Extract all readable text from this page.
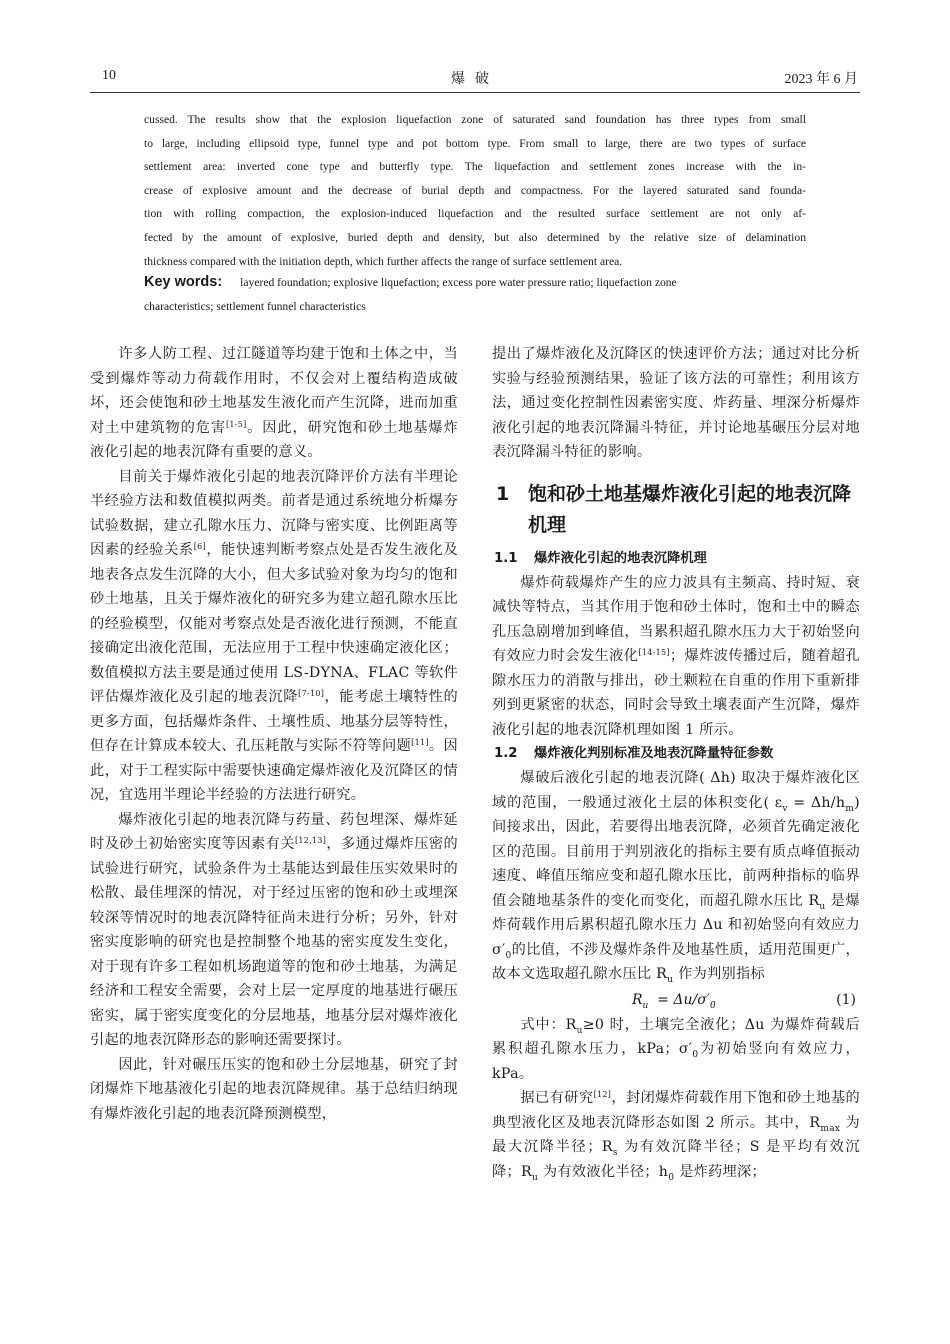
10	爆破	2023 年 6 月
cussed. The results show that the explosion liquefaction zone of saturated sand foundation has three types from small
to large, including ellipsoid type, funnel type and pot bottom type. From small to large, there are two types of surface
settlement area: inverted cone type and butterfly type. The liquefaction and settlement zones increase with the in-
crease of explosive amount and the decrease of burial depth and compactness. For the layered saturated sand founda-
tion with rolling compaction, the explosion-induced liquefaction and the resulted surface settlement are not only af-
fected by the amount of explosive, buried depth and density, but also determined by the relative size of delamination
thickness compared with the initiation depth, which further affects the range of surface settlement area.
Key words: layered foundation; explosive liquefaction; excess pore water pressure ratio; liquefaction zone
characteristics; settlement funnel characteristics

许多人防工程、过江隧道等均建于饱和土体之中，当受到爆炸等动力荷载作用时，不仅会对上覆结构造成破坏，还会使饱和砂土地基发生液化而产生沉降，进而加重对土中建筑物的危害[1-5]。因此，研究饱和砂土地基爆炸液化引起的地表沉降有重要的意义。

目前关于爆炸液化引起的地表沉降评价方法有半理论半经验方法和数值模拟两类。前者是通过系统地分析爆夯试验数据，建立孔隙水压力、沉降与密实度、比例距离等因素的经验关系[6]，能快速判断考察点处是否发生液化及地表各点发生沉降的大小，但大多试验对象为均匀的饱和砂土地基，且关于爆炸液化的研究多为建立超孔隙水压比的经验模型，仅能对考察点处是否液化进行预测，不能直接确定出液化范围，无法应用于工程中快速确定液化区；数值模拟方法主要是通过使用 LS-DYNA、FLAC 等软件评估爆炸液化及引起的地表沉降[7-10]，能考虑土壤特性的更多方面，包括爆炸条件、土壤性质、地基分层等特性，但存在计算成本较大、孔压耗散与实际不符等问题[11]。因此，对于工程实际中需要快速确定爆炸液化及沉降区的情况，宜选用半理论半经验的方法进行研究。

爆炸液化引起的地表沉降与药量、药包埋深、爆炸延时及砂土初始密实度等因素有关[12,13]，多通过爆炸压密的试验进行研究，试验条件为土基能达到最佳压实效果时的松散、最佳埋深的情况，对于经过压密的饱和砂土或埋深较深等情况时的地表沉降特征尚未进行分析；另外，针对密实度影响的研究也是控制整个地基的密实度发生变化，对于现有许多工程如机场跑道等的饱和砂土地基，为满足经济和工程安全需要，会对上层一定厚度的地基进行碾压密实，属于密实度变化的分层地基，地基分层对爆炸液化引起的地表沉降形态的影响还需要探讨。

因此，针对碾压压实的饱和砂土分层地基，研究了封闭爆炸下地基液化引起的地表沉降规律。基于总结归纳现有爆炸液化引起的地表沉降预测模型，

提出了爆炸液化及沉降区的快速评价方法；通过对比分析实验与经验预测结果，验证了该方法的可靠性；利用该方法，通过变化控制性因素密实度、炸药量、埋深分析爆炸液化引起的地表沉降漏斗特征，并讨论地基碾压分层对地表沉降漏斗特征的影响。

1 饱和砂土地基爆炸液化引起的地表沉降机理
1.1 爆炸液化引起的地表沉降机理

爆炸荷载爆炸产生的应力波具有主频高、持时短、衰减快等特点，当其作用于饱和砂土体时，饱和土中的瞬态孔压急剧增加到峰值，当累积超孔隙水压力大于初始竖向有效应力时会发生液化[14-15]；爆炸波传播过后，随着超孔隙水压力的消散与排出，砂土颗粒在自重的作用下重新排列到更紧密的状态，同时会导致土壤表面产生沉降，爆炸液化引起的地表沉降机理如图 1 所示。

1.2 爆炸液化判别标准及地表沉降量特征参数

爆破后液化引起的地表沉降( Δh) 取决于爆炸液化区域的范围，一般通过液化土层的体积变化( $\varepsilon_v = \Delta h/h_m$) 间接求出，因此，若要得出地表沉降，必须首先确定液化区的范围。目前用于判别液化的指标主要有质点峰值振动速度、峰值压缩应变和超孔隙水压比，前两种指标的临界值会随地基条件的变化而变化，而超孔隙水压比 $R_u$ 是爆炸荷载作用后累积超孔隙水压力 Δu 和初始竖向有效应力 $\sigma'_0$的比值，不涉及爆炸条件及地基性质，适用范围更广，故本文选取超孔隙水压比 $R_u$ 作为判别指标

$R_u = \Delta u/\sigma'_0$	(1)

式中：$R_u\ge 0$ 时，土壤完全液化；Δu 为爆炸荷载后累积超孔隙水压力，kPa；$\sigma'_0$为初始竖向有效应力，kPa。

据已有研究[12]，封闭爆炸荷载作用下饱和砂土地基的典型液化区及地表沉降形态如图 2 所示。其中，$R_{max}$ 为最大沉降半径；$R_s$ 为有效沉降半径；S 是平均有效沉降；$R_u$ 为有效液化半径；$h_0$ 是炸药埋深；
